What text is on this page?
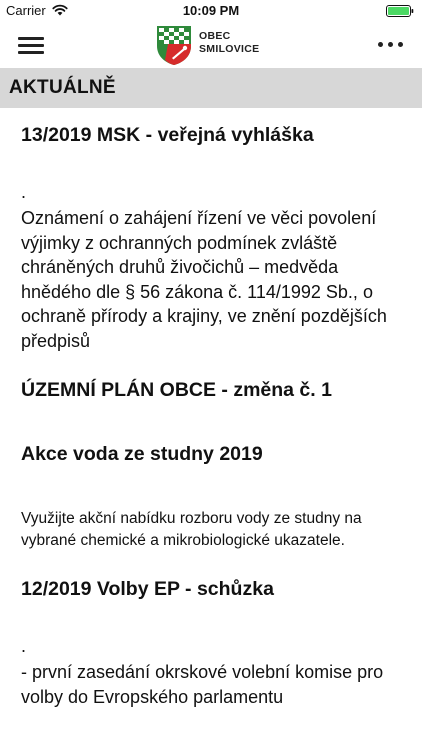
Carrier	10:09 PM
OBEC
SMILOVICE
AKTUÁLNĚ
13/2019 MSK - veřejná vyhláška
.
Oznámení o zahájení řízení ve věci povolení výjimky z ochranných podmínek zvláště chráněných druhů živočichů – medvěda hnědého dle § 56 zákona č. 114/1992 Sb., o ochraně přírody a krajiny, ve znění pozdějších předpisů
ÚZEMNÍ PLÁN OBCE - změna č. 1
Akce voda ze studny 2019
Využijte akční nabídku rozboru vody ze studny na vybrané chemické a mikrobiologické ukazatele.
12/2019 Volby EP - schůzka
.
- první zasedání okrskové volební komise pro volby do Evropského parlamentu
